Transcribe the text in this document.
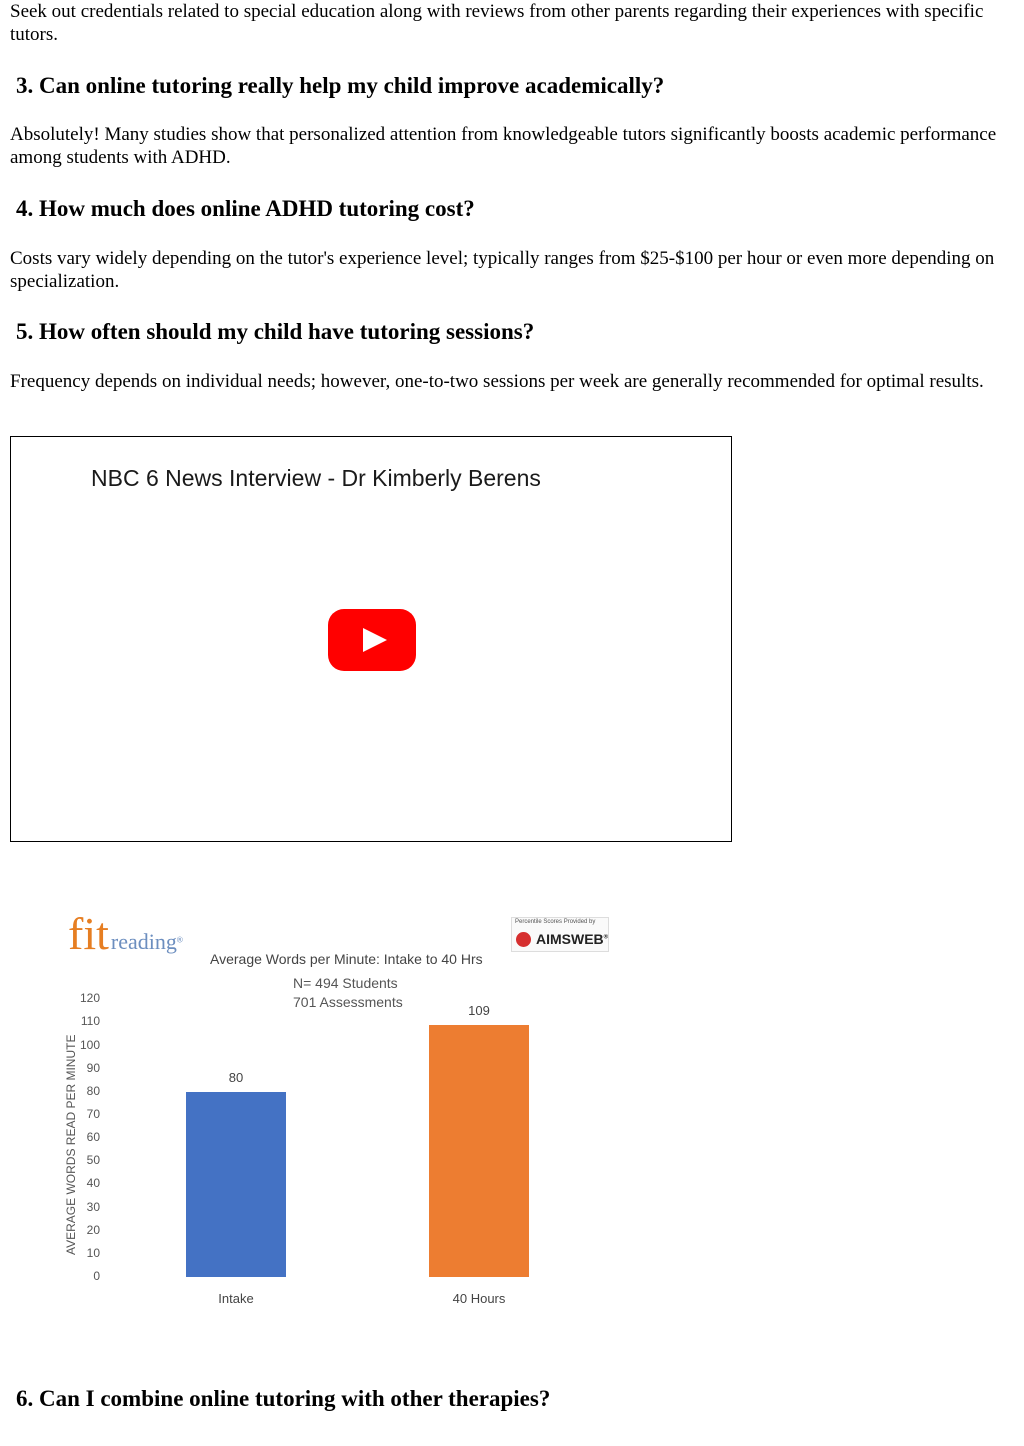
Seek out credentials related to special education along with reviews from other parents regarding their experiences with specific tutors.

3. Can online tutoring really help my child improve academically?

Absolutely! Many studies show that personalized attention from knowledgeable tutors significantly boosts academic performance among students with ADHD.

4. How much does online ADHD tutoring cost?

Costs vary widely depending on the tutor's experience level; typically ranges from $25-$100 per hour or even more depending on specialization.

5. How often should my child have tutoring sessions?

Frequency depends on individual needs; however, one-to-two sessions per week are generally recommended for optimal results.

NBC 6 News Interview - Dr Kimberly Berens
fitreading®
Percentile Scores Provided by
AIMSWEB®
Average Words per Minute: Intake to 40 Hrs
N= 494 Students
701 Assessments
AVERAGE WORDS READ PER MINUTE
0
10
20
30
40
50
60
70
80
90
100
110
120
80
Intake
109
40 Hours
6. Can I combine online tutoring with other therapies?
